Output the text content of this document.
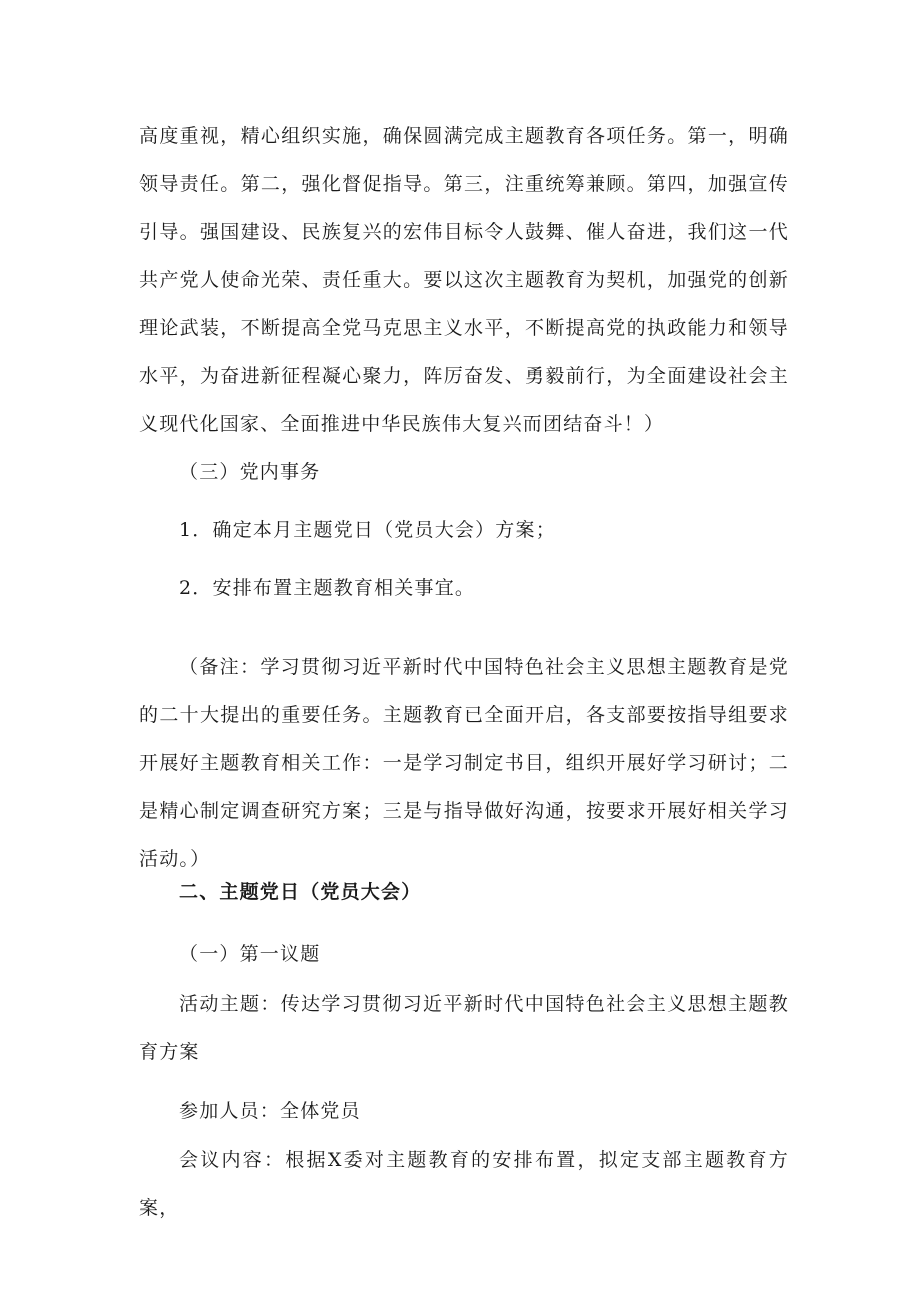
高度重视，精心组织实施，确保圆满完成主题教育各项任务。第一，明确领导责任。第二，强化督促指导。第三，注重统筹兼顾。第四，加强宣传引导。强国建设、民族复兴的宏伟目标令人鼓舞、催人奋进，我们这一代共产党人使命光荣、责任重大。要以这次主题教育为契机，加强党的创新理论武装，不断提高全党马克思主义水平，不断提高党的执政能力和领导水平，为奋进新征程凝心聚力，阵厉奋发、勇毅前行，为全面建设社会主义现代化国家、全面推进中华民族伟大复兴而团结奋斗！）

（三）党内事务

1．确定本月主题党日（党员大会）方案；

2．安排布置主题教育相关事宜。

（备注：学习贯彻习近平新时代中国特色社会主义思想主题教育是党的二十大提出的重要任务。主题教育已全面开启，各支部要按指导组要求开展好主题教育相关工作：一是学习制定书目，组织开展好学习研讨；二是精心制定调查研究方案；三是与指导做好沟通，按要求开展好相关学习活动。）

二、主题党日（党员大会）

（一）第一议题

活动主题：传达学习贯彻习近平新时代中国特色社会主义思想主题教育方案

参加人员：全体党员

会议内容：根据X委对主题教育的安排布置，拟定支部主题教育方案，
